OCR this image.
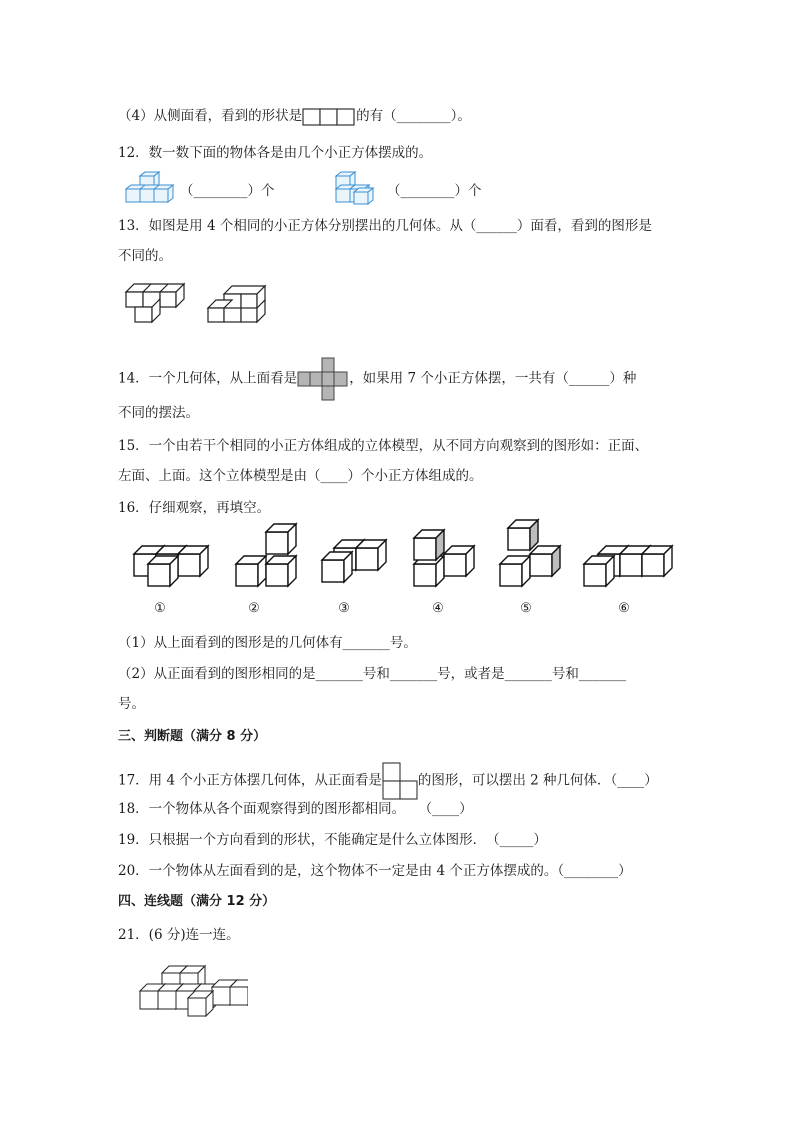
（4）从侧面看，看到的形状是	的有（________）。
12．数一数下面的物体各是由几个小正方体摆成的。
（________）个	（________）个
13．如图是用 4 个相同的小正方体分别摆出的几何体。从（______）面看，看到的图形是
不同的。
14．一个几何体，从上面看是	，如果用 7 个小正方体摆，一共有（______）种
不同的摆法。
15．一个由若干个相同的小正方体组成的立体模型，从不同方向观察到的图形如：正面、
左面、上面。这个立体模型是由（____）个小正方体组成的。
16．仔细观察，再填空。
①	②	③	④	⑤	⑥
（1）从上面看到的图形是的几何体有_______号。
（2）从正面看到的图形相同的是_______号和_______号，或者是_______号和_______
号。
三、判断题（满分 8 分）
17．用 4 个小正方体摆几何体，从正面看是	的图形，可以摆出 2 种几何体．（____）
18．一个物体从各个面观察得到的图形都相同。　　（____）
19．只根据一个方向看到的形状，不能确定是什么立体图形．　（_____）
20．一个物体从左面看到的是，这个物体不一定是由 4 个正方体摆成的。（________）
四、连线题（满分 12 分）
21．(6 分)连一连。
